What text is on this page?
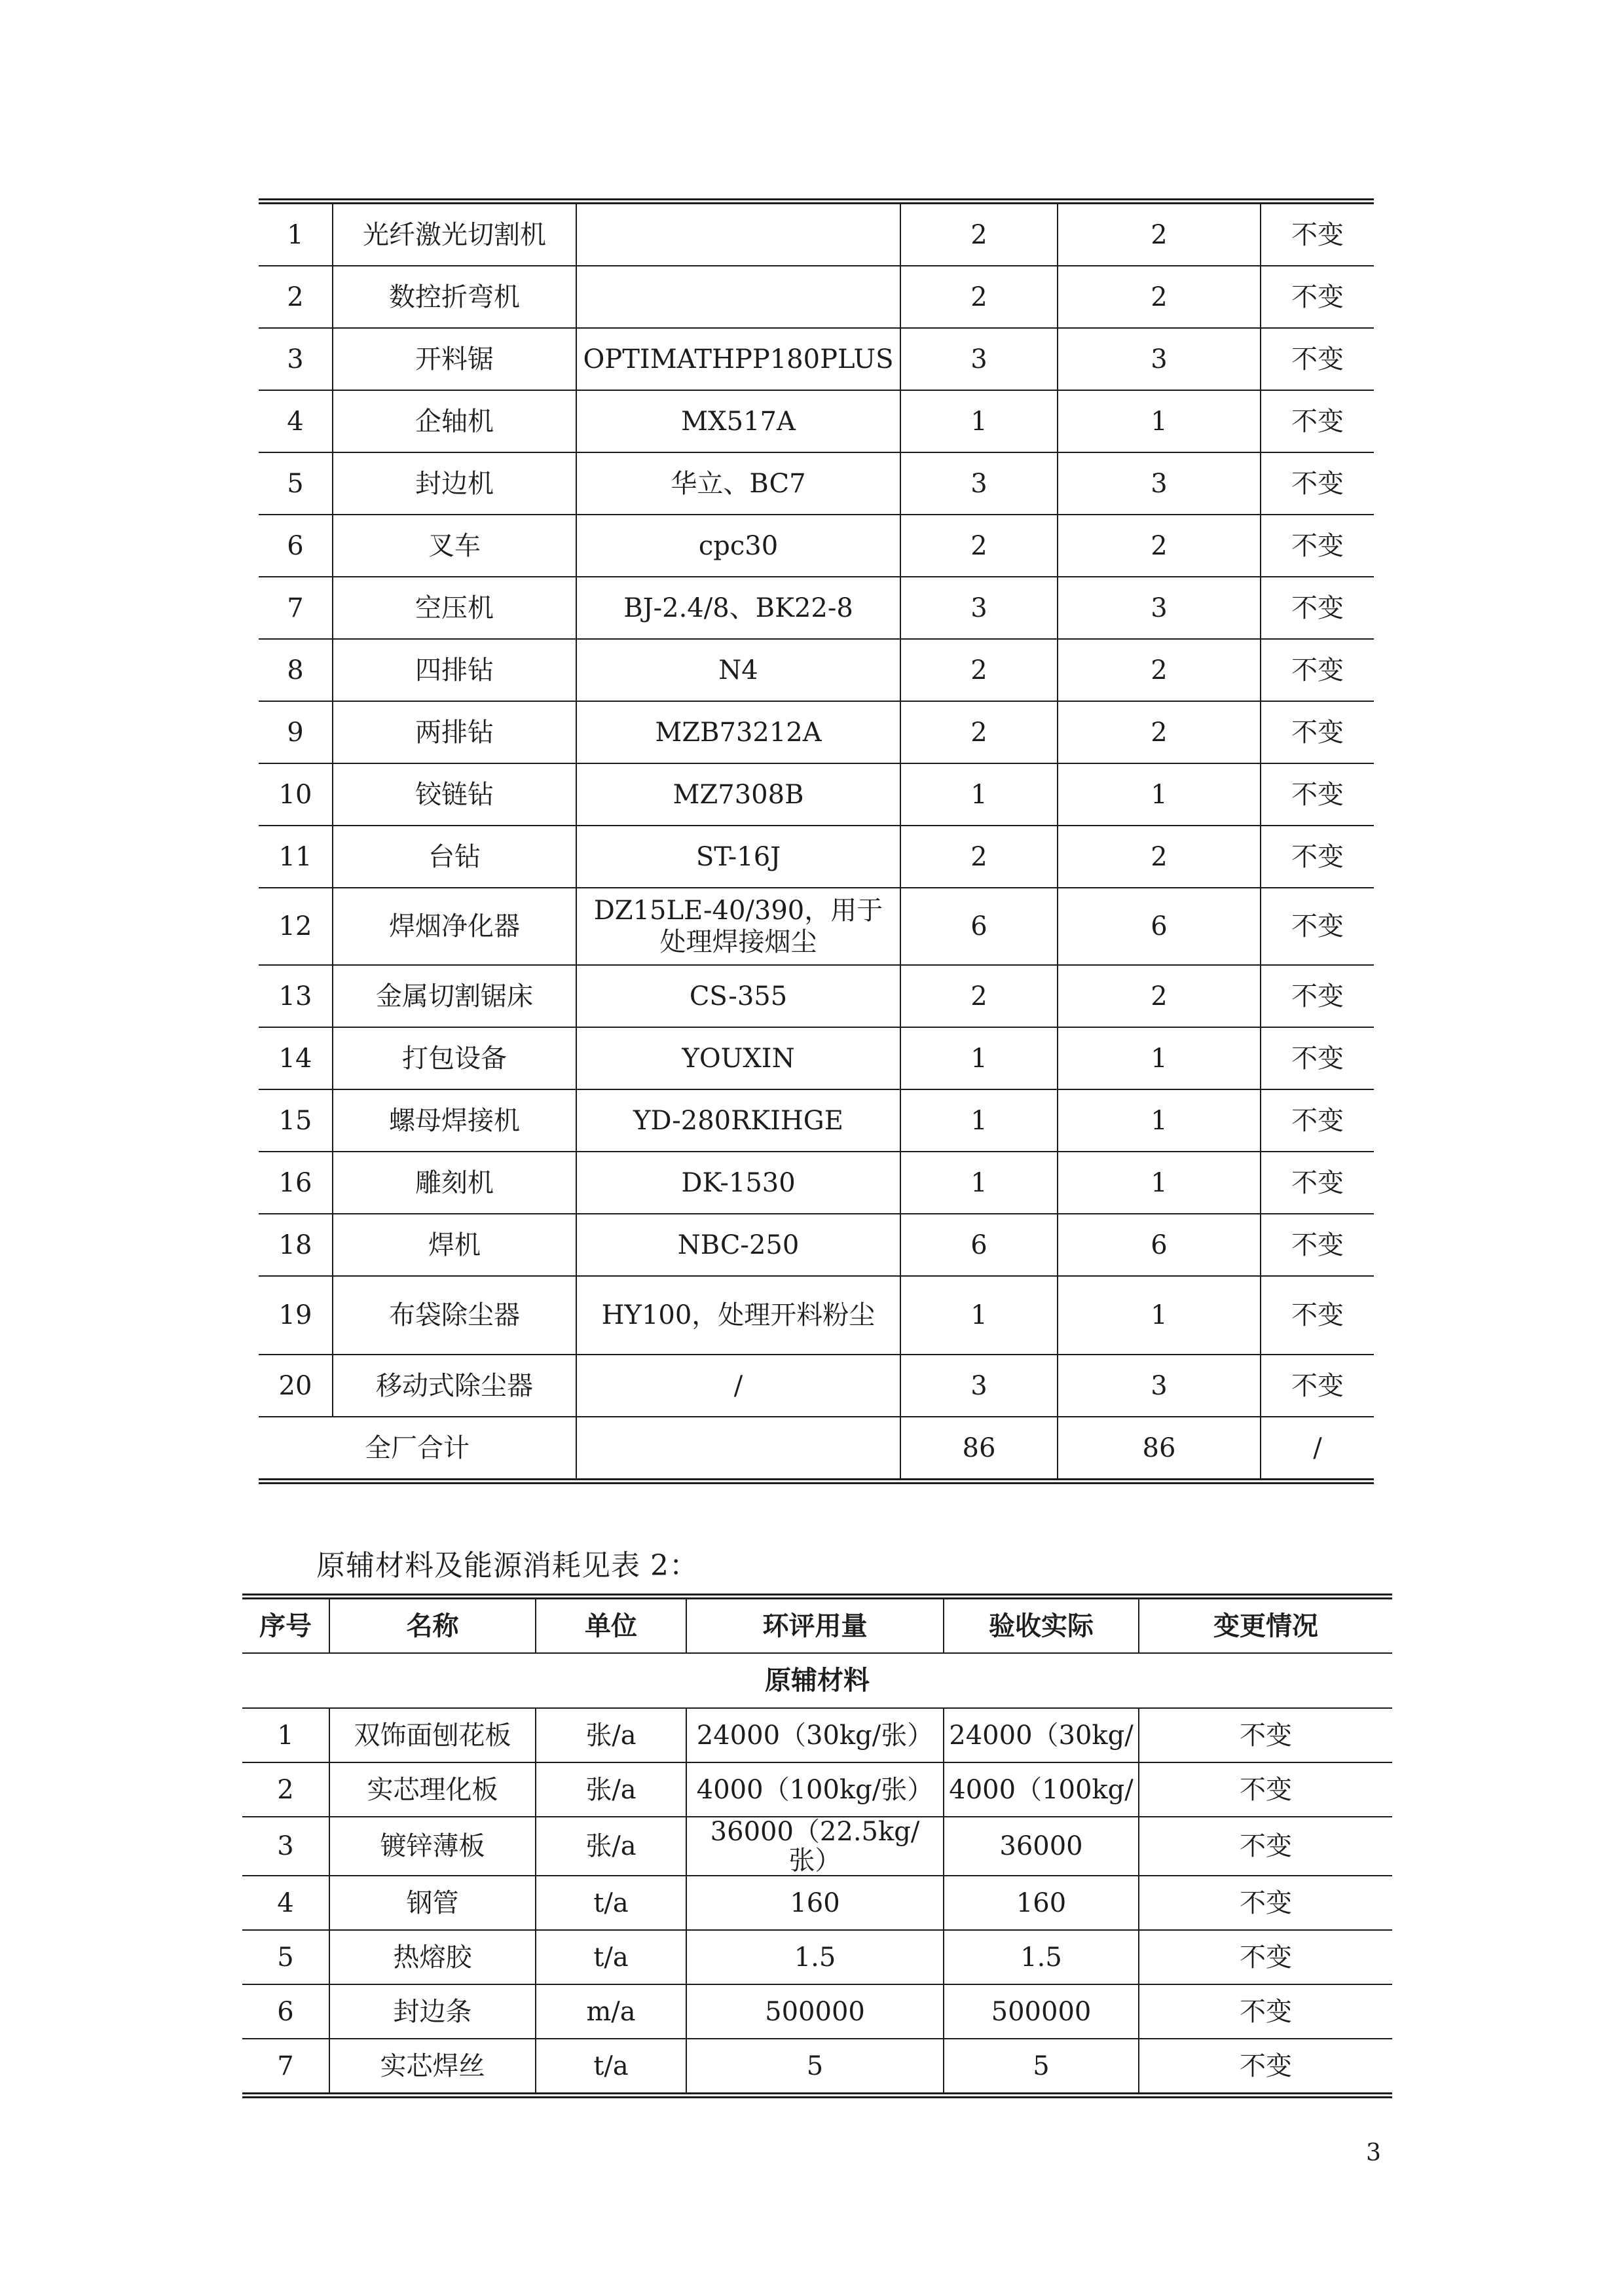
1	光纤激光切割机		2	2	不变
2	数控折弯机		2	2	不变
3	开料锯	OPTIMATHPP180PLUS	3	3	不变
4	企轴机	MX517A	1	1	不变
5	封边机	华立、BC7	3	3	不变
6	叉车	cpc30	2	2	不变
7	空压机	BJ-2.4/8、BK22-8	3	3	不变
8	四排钻	N4	2	2	不变
9	两排钻	MZB73212A	2	2	不变
10	铰链钻	MZ7308B	1	1	不变
11	台钻	ST-16J	2	2	不变
12	焊烟净化器	DZ15LE-40/390，用于处理焊接烟尘	6	6	不变
13	金属切割锯床	CS-355	2	2	不变
14	打包设备	YOUXIN	1	1	不变
15	螺母焊接机	YD-280RKIHGE	1	1	不变
16	雕刻机	DK-1530	1	1	不变
18	焊机	NBC-250	6	6	不变
19	布袋除尘器	HY100，处理开料粉尘	1	1	不变
20	移动式除尘器	/	3	3	不变
全厂合计			86	86	/
原辅材料及能源消耗见表 2：
序号	名称	单位	环评用量	验收实际	变更情况
原辅材料					
1	双饰面刨花板	张/a	24000（30kg/张）	24000（30kg/	不变
2	实芯理化板	张/a	4000（100kg/张）	4000（100kg/	不变
3	镀锌薄板	张/a	36000（22.5kg/张）	36000	不变
4	钢管	t/a	160	160	不变
5	热熔胶	t/a	1.5	1.5	不变
6	封边条	m/a	500000	500000	不变
7	实芯焊丝	t/a	5	5	不变
3
